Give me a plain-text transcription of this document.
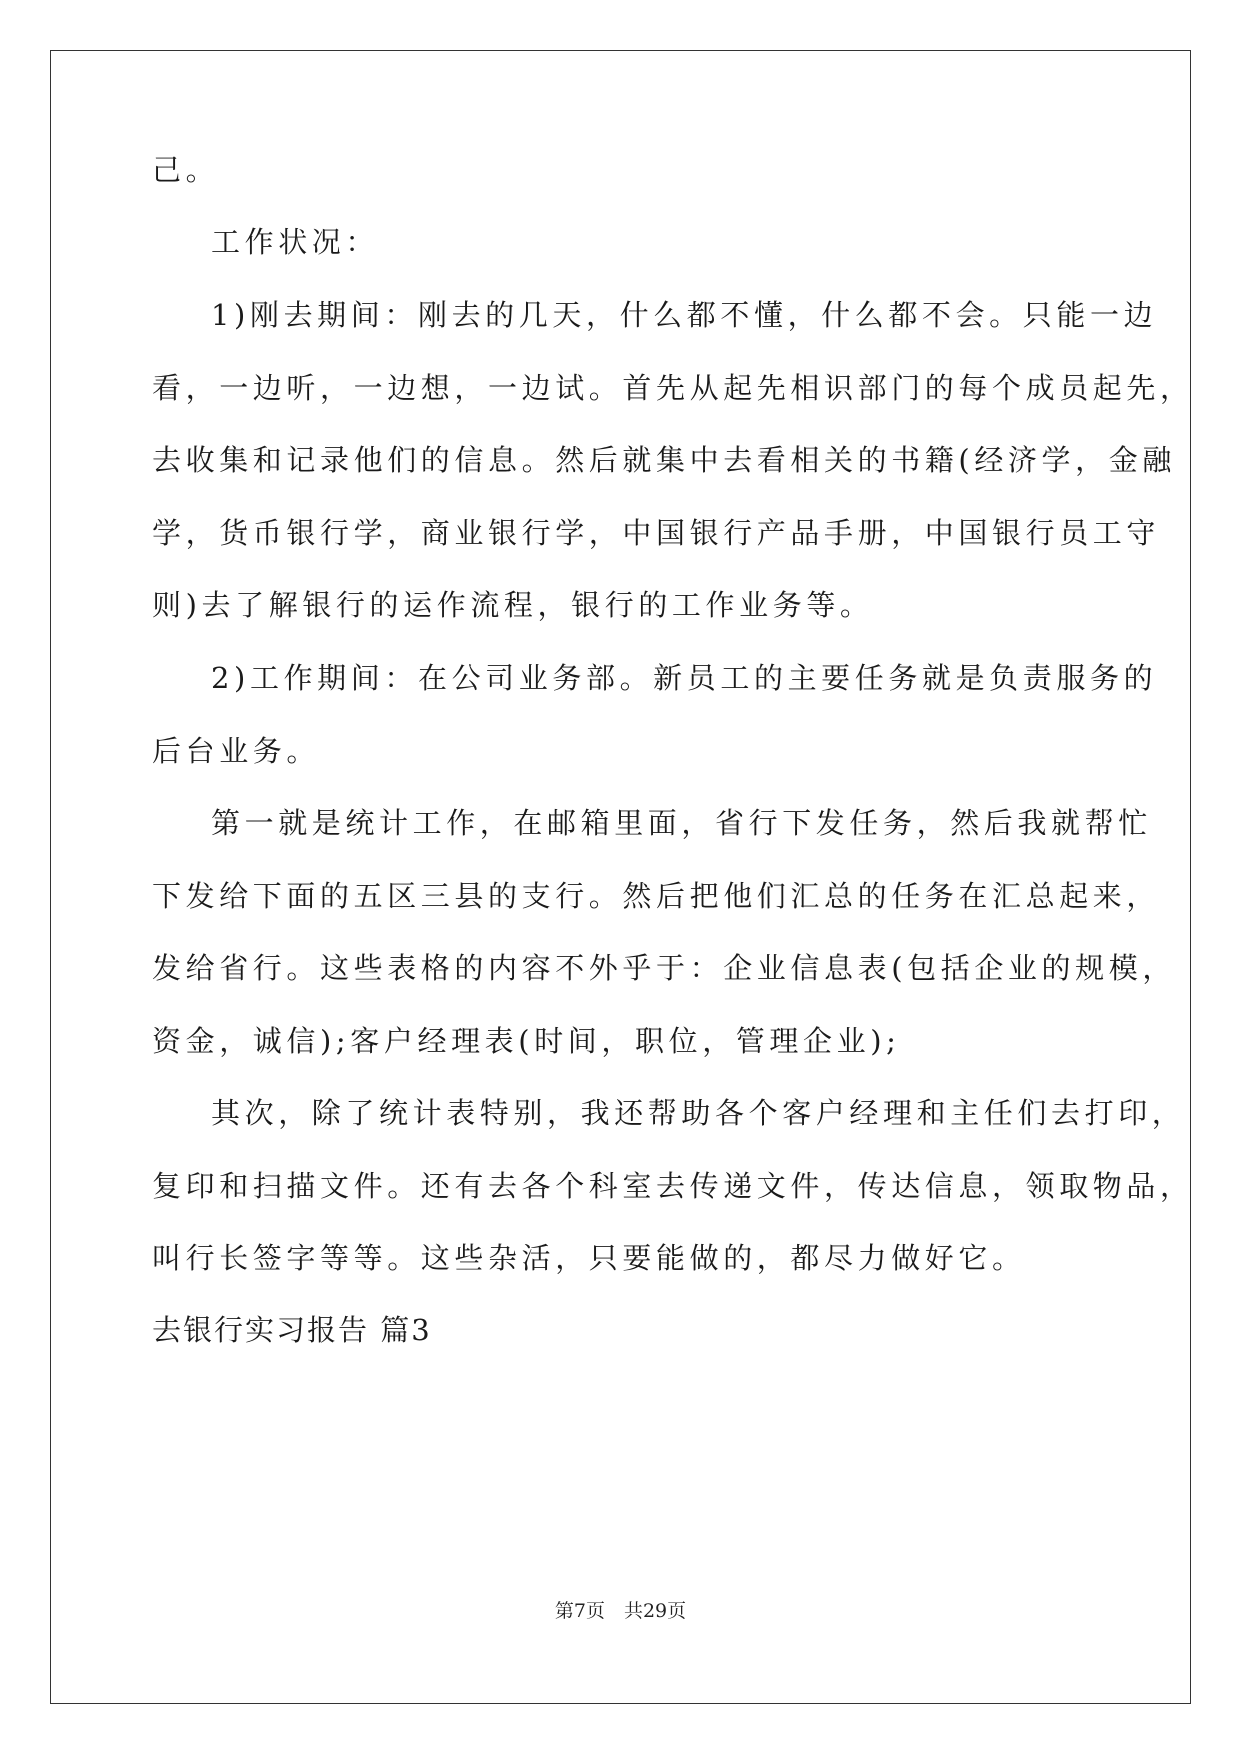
己。
工作状况：
1)刚去期间：刚去的几天，什么都不懂，什么都不会。只能一边
看，一边听，一边想，一边试。首先从起先相识部门的每个成员起先，
去收集和记录他们的信息。然后就集中去看相关的书籍(经济学，金融
学，货币银行学，商业银行学，中国银行产品手册，中国银行员工守
则)去了解银行的运作流程，银行的工作业务等。
2)工作期间：在公司业务部。新员工的主要任务就是负责服务的
后台业务。
第一就是统计工作，在邮箱里面，省行下发任务，然后我就帮忙
下发给下面的五区三县的支行。然后把他们汇总的任务在汇总起来，
发给省行。这些表格的内容不外乎于：企业信息表(包括企业的规模，
资金，诚信);客户经理表(时间，职位，管理企业);
其次，除了统计表特别，我还帮助各个客户经理和主任们去打印，
复印和扫描文件。还有去各个科室去传递文件，传达信息，领取物品，
叫行长签字等等。这些杂活，只要能做的，都尽力做好它。
去银行实习报告 篇3
第7页　共29页
